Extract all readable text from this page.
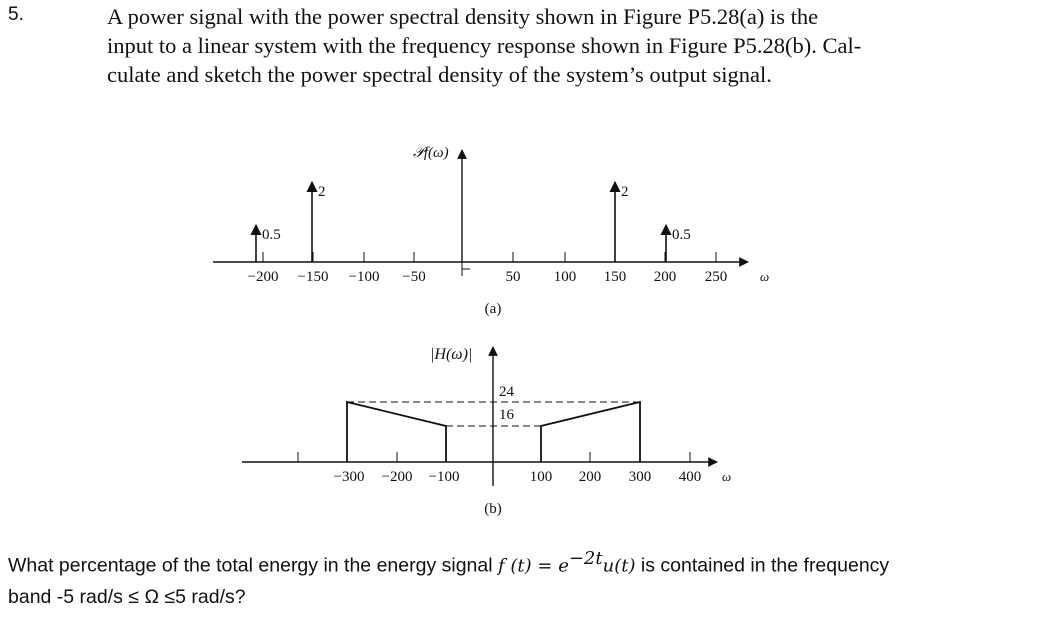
5.	A power signal with the power spectral density shown in Figure P5.28(a) is the
input to a linear system with the frequency response shown in Figure P5.28(b). Cal-
culate and sketch the power spectral density of the system’s output signal.
0.5
2	2
0.5
−200 −150 −100 −50	50 100 150 200 250	ω
𝒫f(ω)
(a)
24
16
−300 −200 −100	100 200 300 400 ω
|H(ω)|
(b)
What percentage of the total energy in the energy signal f $(t) = e^{-2t}u(t)$ is contained in the frequency
band -5 rad/s ≤ Ω ≤5 rad/s?
